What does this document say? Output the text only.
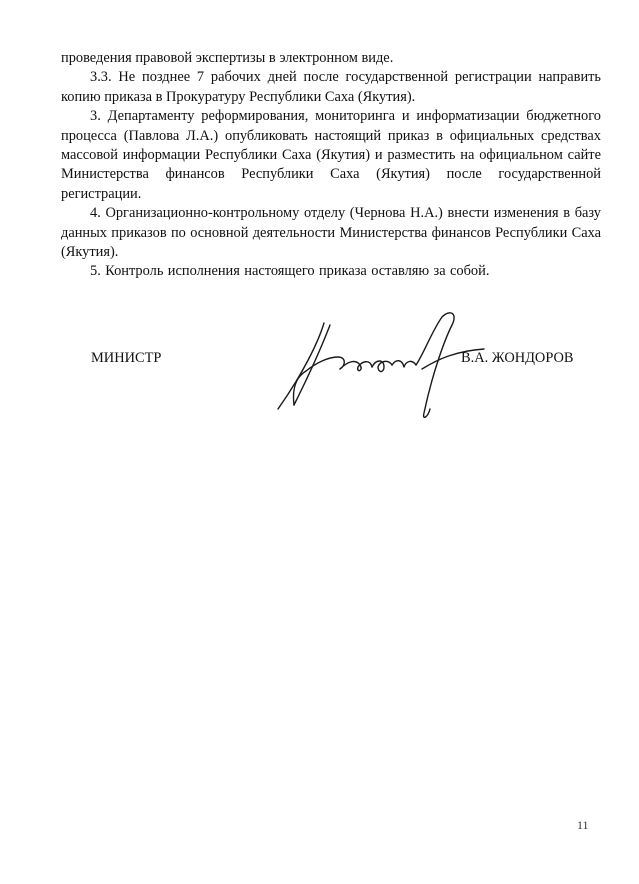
проведения правовой экспертизы в электронном виде.

3.3. Не позднее 7 рабочих дней после государственной регистрации направить копию приказа в Прокуратуру Республики Саха (Якутия).

3. Департаменту реформирования, мониторинга и информатизации бюджетного процесса (Павлова Л.А.) опубликовать настоящий приказ в официальных средствах массовой информации Республики Саха (Якутия) и разместить на официальном сайте Министерства финансов Республики Саха (Якутия) после государственной регистрации.

4. Организационно-контрольному отделу (Чернова Н.А.) внести изменения в базу данных приказов по основной деятельности Министерства финансов Республики Саха (Якутия).

5. Контроль исполнения настоящего приказа оставляю за собой.

МИНИСТР	В.А. ЖОНДОРОВ
11
